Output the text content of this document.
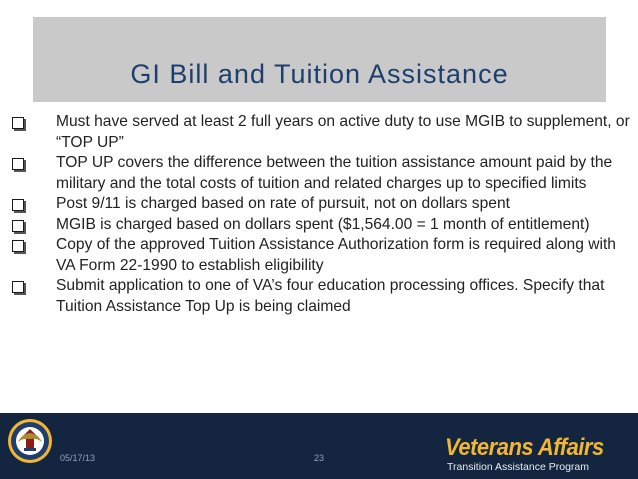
GI Bill and Tuition Assistance
Must have served at least 2 full years on active duty to use MGIB to supplement, or “TOP UP”
TOP UP covers the difference between the tuition assistance amount paid by the military and the total costs of tuition and related charges up to specified limits
Post 9/11 is charged based on rate of pursuit, not on dollars spent
MGIB is charged based on dollars spent ($1,564.00 = 1 month of entitlement)
Copy of the approved Tuition Assistance Authorization form is required along with VA Form 22-1990 to establish eligibility
Submit application to one of VA’s four education processing offices. Specify that Tuition Assistance Top Up is being claimed
05/17/13	23	Veterans Affairs
Transition Assistance Program
